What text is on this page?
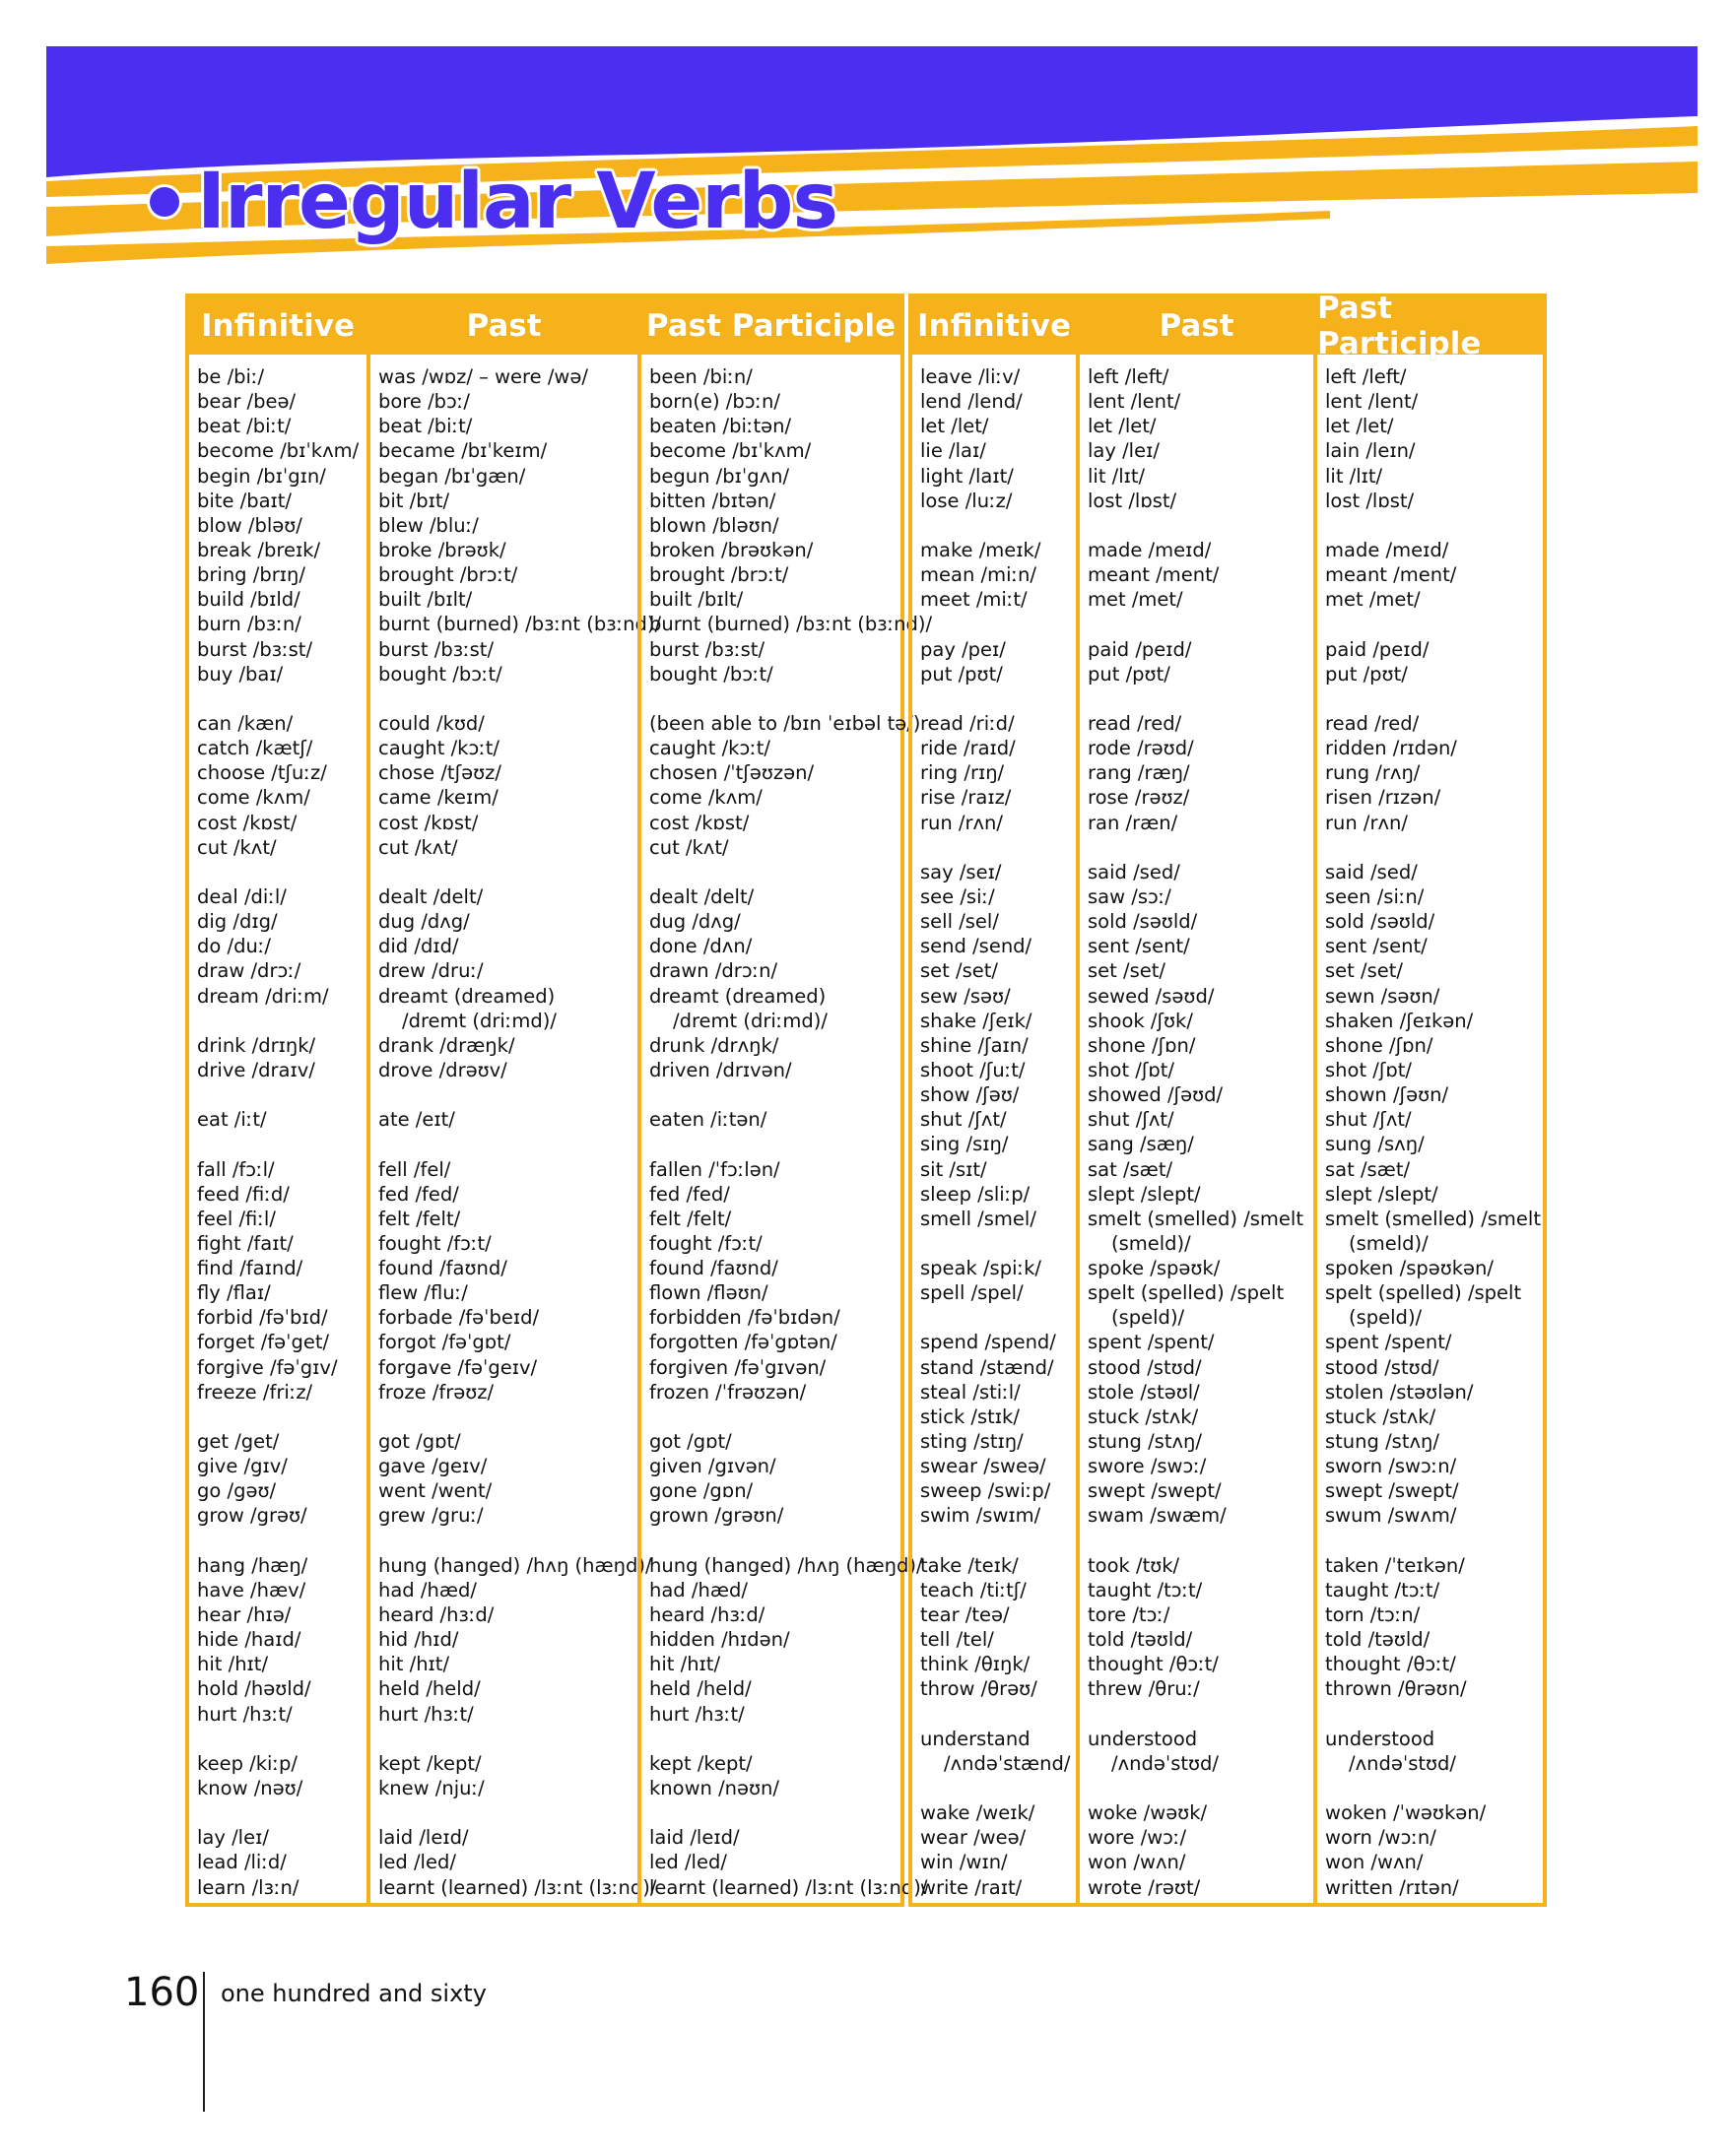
Irregular Verbs
Infinitive
be /biː/
bear /beə/
beat /biːt/
become /bɪˈkʌm/
begin /bɪˈgɪn/
bite /baɪt/
blow /bləʊ/
break /breɪk/
bring /brɪŋ/
build /bɪld/
burn /bɜːn/
burst /bɜːst/
buy /baɪ/
can /kæn/
catch /kætʃ/
choose /tʃuːz/
come /kʌm/
cost /kɒst/
cut /kʌt/
deal /diːl/
dig /dɪg/
do /duː/
draw /drɔː/
dream /driːm/
drink /drɪŋk/
drive /draɪv/
eat /iːt/
fall /fɔːl/
feed /fiːd/
feel /fiːl/
fight /faɪt/
find /faɪnd/
fly /flaɪ/
forbid /fəˈbɪd/
forget /fəˈget/
forgive /fəˈgɪv/
freeze /friːz/
get /get/
give /gɪv/
go /gəʊ/
grow /grəʊ/
hang /hæŋ/
have /hæv/
hear /hɪə/
hide /haɪd/
hit /hɪt/
hold /həʊld/
hurt /hɜːt/
keep /kiːp/
know /nəʊ/
lay /leɪ/
lead /liːd/
learn /lɜːn/
Past
was /wɒz/ – were /wə/
bore /bɔː/
beat /biːt/
became /bɪˈkeɪm/
began /bɪˈgæn/
bit /bɪt/
blew /bluː/
broke /brəʊk/
brought /brɔːt/
built /bɪlt/
burnt (burned) /bɜːnt (bɜːnd)/
burst /bɜːst/
bought /bɔːt/
could /kʊd/
caught /kɔːt/
chose /tʃəʊz/
came /keɪm/
cost /kɒst/
cut /kʌt/
dealt /delt/
dug /dʌg/
did /dɪd/
drew /druː/
dreamt (dreamed)
/dremt (driːmd)/
drank /dræŋk/
drove /drəʊv/
ate /eɪt/
fell /fel/
fed /fed/
felt /felt/
fought /fɔːt/
found /faʊnd/
flew /fluː/
forbade /fəˈbeɪd/
forgot /fəˈgɒt/
forgave /fəˈgeɪv/
froze /frəʊz/
got /gɒt/
gave /geɪv/
went /went/
grew /gruː/
hung (hanged) /hʌŋ (hæŋd)/
had /hæd/
heard /hɜːd/
hid /hɪd/
hit /hɪt/
held /held/
hurt /hɜːt/
kept /kept/
knew /njuː/
laid /leɪd/
led /led/
learnt (learned) /lɜːnt (lɜːnd)/
Past Participle
been /biːn/
born(e) /bɔːn/
beaten /biːtən/
become /bɪˈkʌm/
begun /bɪˈgʌn/
bitten /bɪtən/
blown /bləʊn/
broken /brəʊkən/
brought /brɔːt/
built /bɪlt/
burnt (burned) /bɜːnt (bɜːnd)/
burst /bɜːst/
bought /bɔːt/
(been able to /bɪn ˈeɪbəl tə/)
caught /kɔːt/
chosen /ˈtʃəʊzən/
come /kʌm/
cost /kɒst/
cut /kʌt/
dealt /delt/
dug /dʌg/
done /dʌn/
drawn /drɔːn/
dreamt (dreamed)
/dremt (driːmd)/
drunk /drʌŋk/
driven /drɪvən/
eaten /iːtən/
fallen /ˈfɔːlən/
fed /fed/
felt /felt/
fought /fɔːt/
found /faʊnd/
flown /fləʊn/
forbidden /fəˈbɪdən/
forgotten /fəˈgɒtən/
forgiven /fəˈgɪvən/
frozen /ˈfrəʊzən/
got /gɒt/
given /gɪvən/
gone /gɒn/
grown /grəʊn/
hung (hanged) /hʌŋ (hæŋd)/
had /hæd/
heard /hɜːd/
hidden /hɪdən/
hit /hɪt/
held /held/
hurt /hɜːt/
kept /kept/
known /nəʊn/
laid /leɪd/
led /led/
learnt (learned) /lɜːnt (lɜːnd)/
Infinitive
leave /liːv/
lend /lend/
let /let/
lie /laɪ/
light /laɪt/
lose /luːz/
make /meɪk/
mean /miːn/
meet /miːt/
pay /peɪ/
put /pʊt/
read /riːd/
ride /raɪd/
ring /rɪŋ/
rise /raɪz/
run /rʌn/
say /seɪ/
see /siː/
sell /sel/
send /send/
set /set/
sew /səʊ/
shake /ʃeɪk/
shine /ʃaɪn/
shoot /ʃuːt/
show /ʃəʊ/
shut /ʃʌt/
sing /sɪŋ/
sit /sɪt/
sleep /sliːp/
smell /smel/
speak /spiːk/
spell /spel/
spend /spend/
stand /stænd/
steal /stiːl/
stick /stɪk/
sting /stɪŋ/
swear /sweə/
sweep /swiːp/
swim /swɪm/
take /teɪk/
teach /tiːtʃ/
tear /teə/
tell /tel/
think /θɪŋk/
throw /θrəʊ/
understand
/ʌndəˈstænd/
wake /weɪk/
wear /weə/
win /wɪn/
write /raɪt/
Past
left /left/
lent /lent/
let /let/
lay /leɪ/
lit /lɪt/
lost /lɒst/
made /meɪd/
meant /ment/
met /met/
paid /peɪd/
put /pʊt/
read /red/
rode /rəʊd/
rang /ræŋ/
rose /rəʊz/
ran /ræn/
said /sed/
saw /sɔː/
sold /səʊld/
sent /sent/
set /set/
sewed /səʊd/
shook /ʃʊk/
shone /ʃɒn/
shot /ʃɒt/
showed /ʃəʊd/
shut /ʃʌt/
sang /sæŋ/
sat /sæt/
slept /slept/
smelt (smelled) /smelt
(smeld)/
spoke /spəʊk/
spelt (spelled) /spelt
(speld)/
spent /spent/
stood /stʊd/
stole /stəʊl/
stuck /stʌk/
stung /stʌŋ/
swore /swɔː/
swept /swept/
swam /swæm/
took /tʊk/
taught /tɔːt/
tore /tɔː/
told /təʊld/
thought /θɔːt/
threw /θruː/
understood
/ʌndəˈstʊd/
woke /wəʊk/
wore /wɔː/
won /wʌn/
wrote /rəʊt/
Past Participle
left /left/
lent /lent/
let /let/
lain /leɪn/
lit /lɪt/
lost /lɒst/
made /meɪd/
meant /ment/
met /met/
paid /peɪd/
put /pʊt/
read /red/
ridden /rɪdən/
rung /rʌŋ/
risen /rɪzən/
run /rʌn/
said /sed/
seen /siːn/
sold /səʊld/
sent /sent/
set /set/
sewn /səʊn/
shaken /ʃeɪkən/
shone /ʃɒn/
shot /ʃɒt/
shown /ʃəʊn/
shut /ʃʌt/
sung /sʌŋ/
sat /sæt/
slept /slept/
smelt (smelled) /smelt
(smeld)/
spoken /spəʊkən/
spelt (spelled) /spelt
(speld)/
spent /spent/
stood /stʊd/
stolen /stəʊlən/
stuck /stʌk/
stung /stʌŋ/
sworn /swɔːn/
swept /swept/
swum /swʌm/
taken /ˈteɪkən/
taught /tɔːt/
torn /tɔːn/
told /təʊld/
thought /θɔːt/
thrown /θrəʊn/
understood
/ʌndəˈstʊd/
woken /ˈwəʊkən/
worn /wɔːn/
won /wʌn/
written /rɪtən/
160 one hundred and sixty
